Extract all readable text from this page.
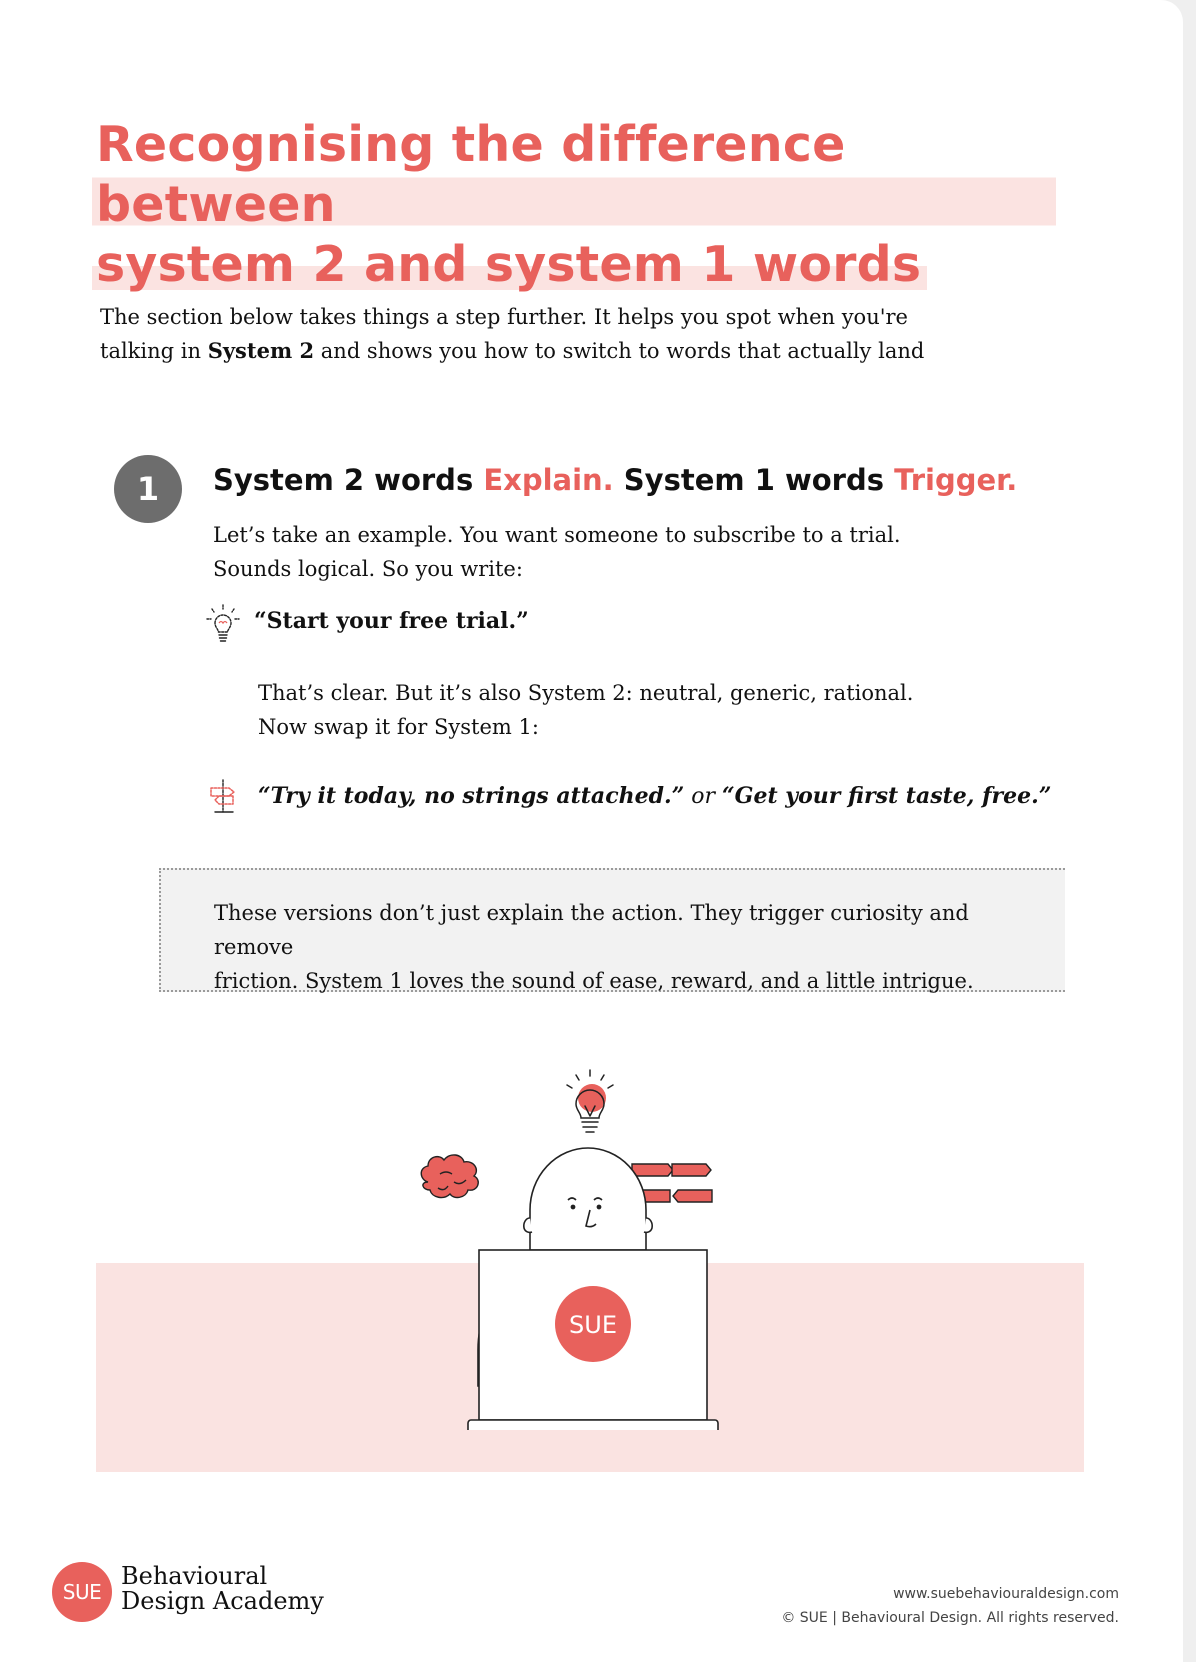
Recognising the difference between
system 2 and system 1 words
The section below takes things a step further. It helps you spot when you're talking in System 2 and shows you how to switch to words that actually land
1	System 2 words Explain. System 1 words Trigger.
Let’s take an example. You want someone to subscribe to a trial.
Sounds logical. So you write:
“Start your free trial.”
That’s clear. But it’s also System 2: neutral, generic, rational.
Now swap it for System 1:
“Try it today, no strings attached.” or “Get your first taste, free.”
These versions don’t just explain the action. They trigger curiosity and remove
friction. System 1 loves the sound of ease, reward, and a little intrigue.
SUE
SUE
Behavioural
Design Academy	www.suebehaviouraldesign.com
© SUE | Behavioural Design. All rights reserved.
